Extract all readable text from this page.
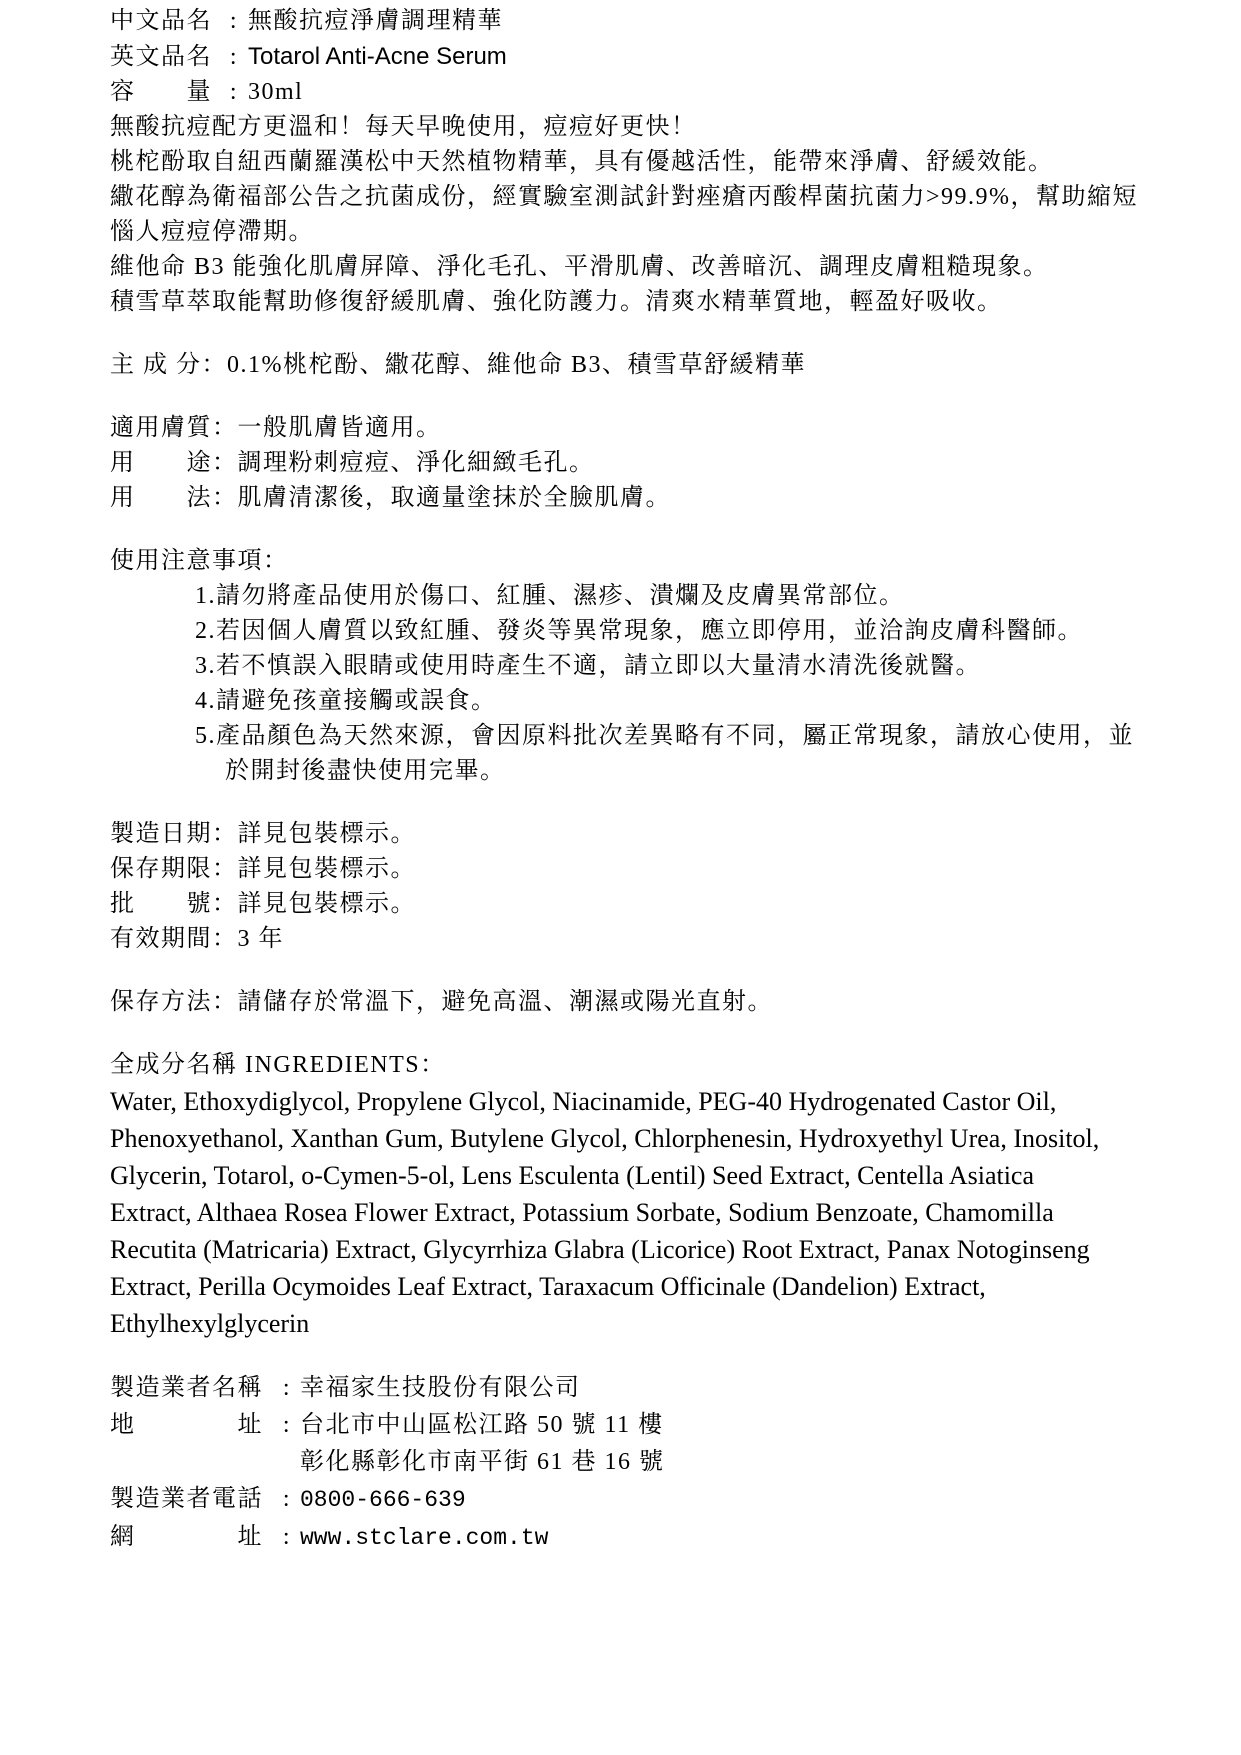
中文品名 : 無酸抗痘淨膚調理精華
英文品名 : Totarol Anti-Acne Serum
容　　量 : 30ml
無酸抗痘配方更溫和！每天早晚使用，痘痘好更快！
桃柁酚取自紐西蘭羅漢松中天然植物精華，具有優越活性，能帶來淨膚、舒緩效能。
繖花醇為衛福部公告之抗菌成份，經實驗室測試針對痤瘡丙酸桿菌抗菌力>99.9%，幫助縮短惱人痘痘停滯期。
維他命 B3 能強化肌膚屏障、淨化毛孔、平滑肌膚、改善暗沉、調理皮膚粗糙現象。
積雪草萃取能幫助修復舒緩肌膚、強化防護力。清爽水精華質地，輕盈好吸收。
主 成 分：0.1%桃柁酚、繖花醇、維他命 B3、積雪草舒緩精華
適用膚質：一般肌膚皆適用。
用　　途：調理粉刺痘痘、淨化細緻毛孔。
用　　法：肌膚清潔後，取適量塗抹於全臉肌膚。
使用注意事項：
1.請勿將產品使用於傷口、紅腫、濕疹、潰爛及皮膚異常部位。
2.若因個人膚質以致紅腫、發炎等異常現象，應立即停用，並洽詢皮膚科醫師。
3.若不慎誤入眼睛或使用時產生不適，請立即以大量清水清洗後就醫。
4.請避免孩童接觸或誤食。
5.產品顏色為天然來源，會因原料批次差異略有不同，屬正常現象，請放心使用，並於開封後盡快使用完畢。
製造日期：詳見包裝標示。
保存期限：詳見包裝標示。
批　　號：詳見包裝標示。
有效期間：3 年
保存方法：請儲存於常溫下，避免高溫、潮濕或陽光直射。
全成分名稱 INGREDIENTS：
Water, Ethoxydiglycol, Propylene Glycol, Niacinamide, PEG-40 Hydrogenated Castor Oil, Phenoxyethanol, Xanthan Gum, Butylene Glycol, Chlorphenesin, Hydroxyethyl Urea, Inositol, Glycerin, Totarol, o-Cymen-5-ol, Lens Esculenta (Lentil) Seed Extract, Centella Asiatica Extract, Althaea Rosea Flower Extract, Potassium Sorbate, Sodium Benzoate, Chamomilla Recutita (Matricaria) Extract, Glycyrrhiza Glabra (Licorice) Root Extract, Panax Notoginseng Extract, Perilla Ocymoides Leaf Extract, Taraxacum Officinale (Dandelion) Extract, Ethylhexylglycerin
製造業者名稱 : 幸福家生技股份有限公司
地　　　　址 : 台北市中山區松江路 50 號 11 樓
彰化縣彰化市南平街 61 巷 16 號
製造業者電話 : 0800-666-639
網　　　　址 : www.stclare.com.tw
